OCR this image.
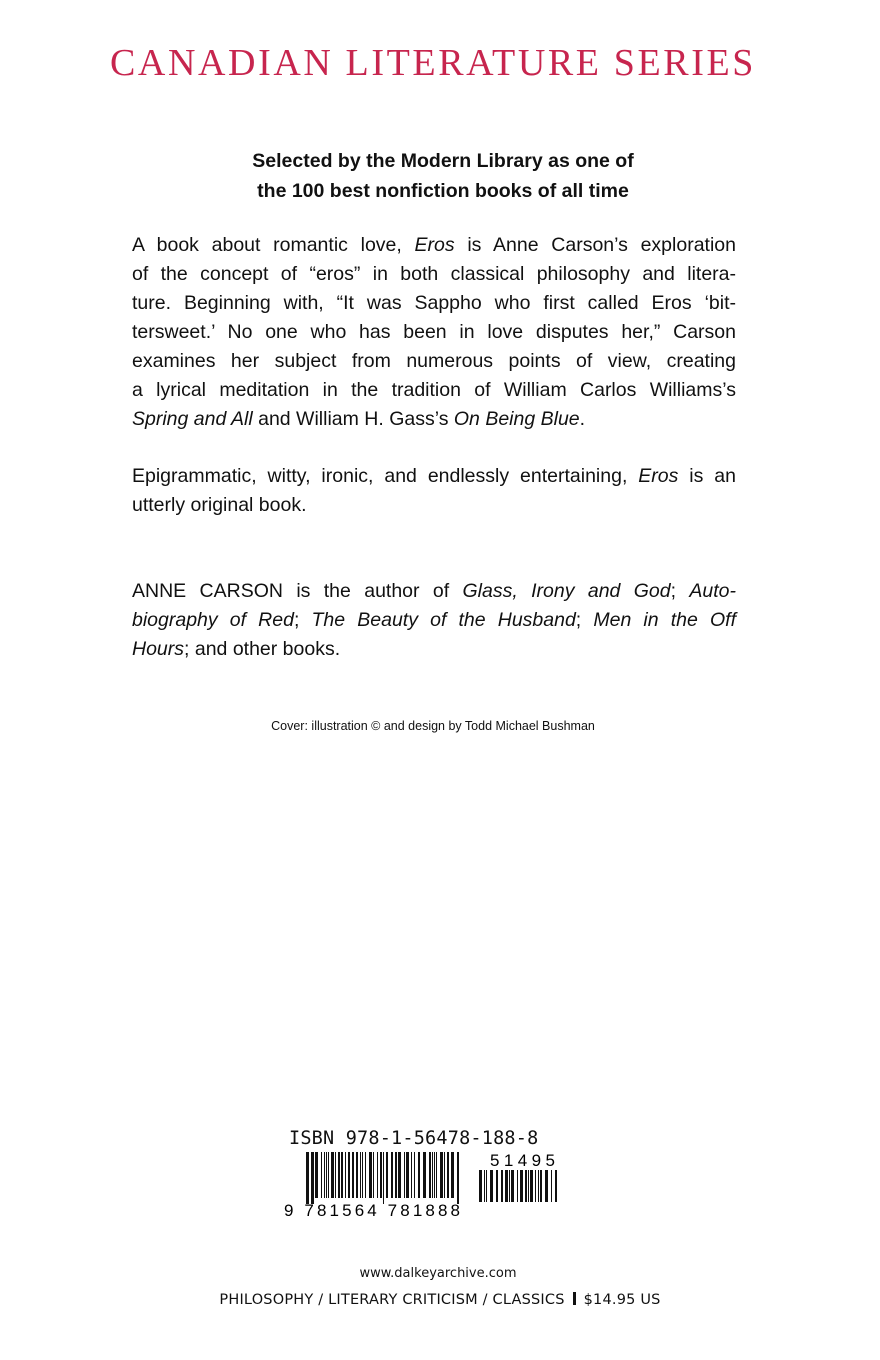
CANADIAN LITERATURE SERIES
Selected by the Modern Library as one of
the 100 best nonfiction books of all time
A book about romantic love, Eros is Anne Carson’s exploration
of the concept of “eros” in both classical philosophy and litera-
ture. Beginning with, “It was Sappho who first called Eros ‘bit-
tersweet.’ No one who has been in love disputes her,” Carson
examines her subject from numerous points of view, creating
a lyrical meditation in the tradition of William Carlos Williams’s
Spring and All and William H. Gass’s On Being Blue.
Epigrammatic, witty, ironic, and endlessly entertaining, Eros is an
utterly original book.
ANNE CARSON is the author of Glass, Irony and God; Auto-
biography of Red; The Beauty of the Husband; Men in the Off
Hours; and other books.
Cover: illustration © and design by Todd Michael Bushman
ISBN 978-1-56478-188-8
9 781564 781888
51495
www.dalkeyarchive.com
PHILOSOPHY / LITERARY CRITICISM / CLASSICS $14.95 US
